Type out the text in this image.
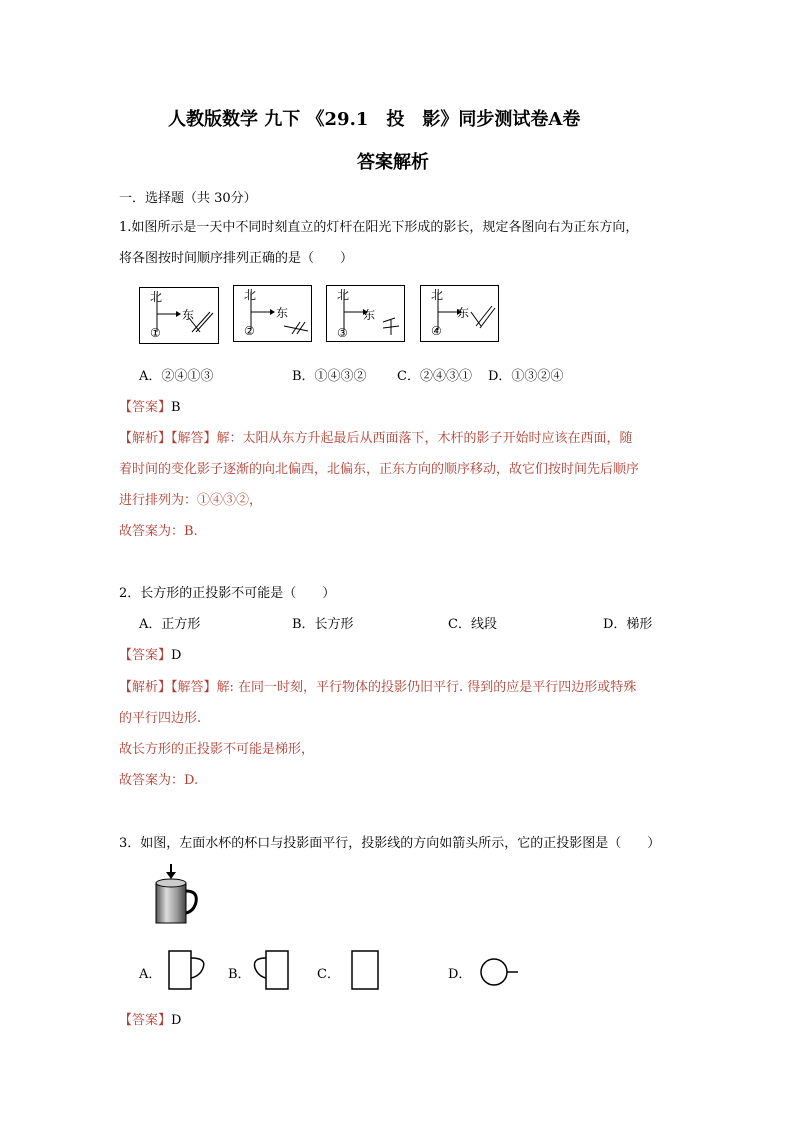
人教版数学 九下 《29.1　投　影》同步测试卷A卷
答案解析
一．选择题（共 30分）
1.如图所示是一天中不同时刻直立的灯杆在阳光下形成的影长，规定各图向右为正东方向，
将各图按时间顺序排列正确的是（　　）
北
东
①
北
东
②
北
东
③
北
东
④
A．②④①③	B．①④③② C．②④③① D．①③②④
【答案】B
【解析】【解答】解：太阳从东方升起最后从西面落下，木杆的影子开始时应该在西面，随
着时间的变化影子逐渐的向北偏西，北偏东，正东方向的顺序移动，故它们按时间先后顺序
进行排列为：①④③②，
故答案为：B.
2．长方形的正投影不可能是（　　）
A．正方形	B．长方形	C．线段	D．梯形
【答案】D
【解析】【解答】解: 在同一时刻，平行物体的投影仍旧平行. 得到的应是平行四边形或特殊
的平行四边形.
故长方形的正投影不可能是梯形，
故答案为：D.
3．如图，左面水杯的杯口与投影面平行，投影线的方向如箭头所示，它的正投影图是（　　）
A．	B．	C．	D．
【答案】D
